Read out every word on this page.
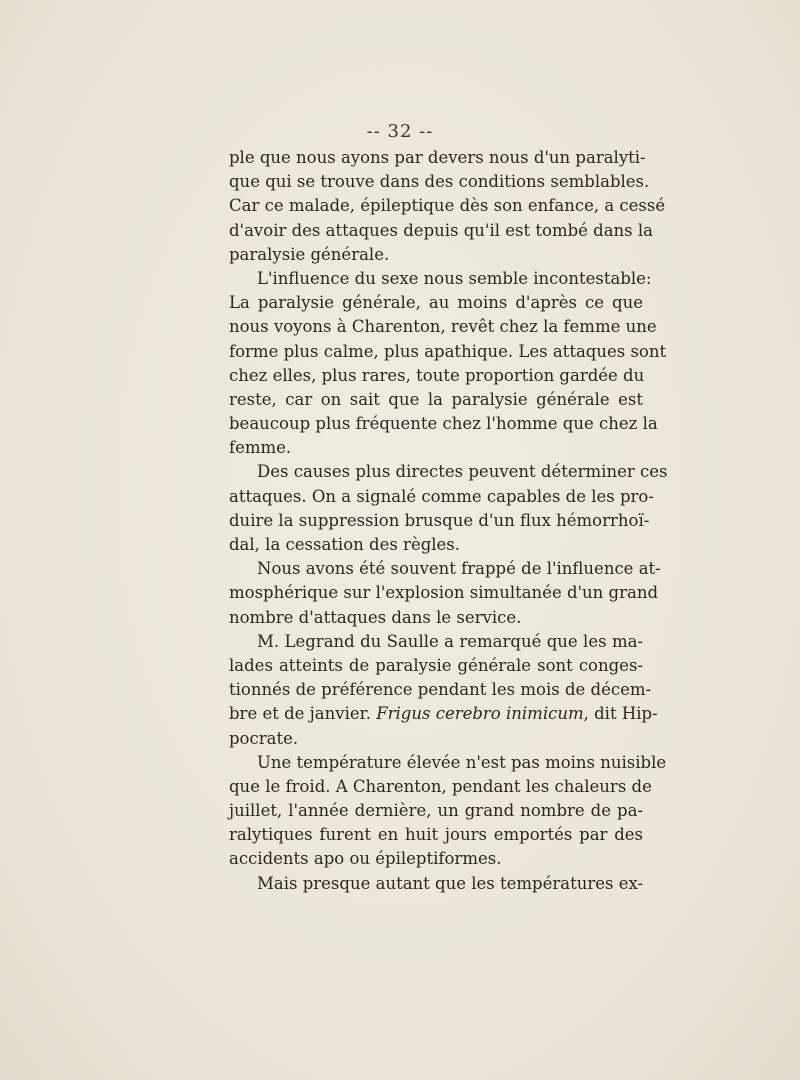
-- 32 --
ple que nous ayons par devers nous d'un paralyti-
que qui se trouve dans des conditions semblables.
Car ce malade, épileptique dès son enfance, a cessé
d'avoir des attaques depuis qu'il est tombé dans la
paralysie générale.
L'influence du sexe nous semble incontestable:
La paralysie générale, au moins d'après ce que
nous voyons à Charenton, revêt chez la femme une
forme plus calme, plus apathique. Les attaques sont
chez elles, plus rares, toute proportion gardée du
reste, car on sait que la paralysie générale est
beaucoup plus fréquente chez l'homme que chez la
femme.
Des causes plus directes peuvent déterminer ces
attaques. On a signalé comme capables de les pro-
duire la suppression brusque d'un flux hémorrhoï-
dal, la cessation des règles.
Nous avons été souvent frappé de l'influence at-
mosphérique sur l'explosion simultanée d'un grand
nombre d'attaques dans le service.
M. Legrand du Saulle a remarqué que les ma-
lades atteints de paralysie générale sont conges-
tionnés de préférence pendant les mois de décem-
bre et de janvier. Frigus cerebro inimicum, dit Hip-
pocrate.
Une température élevée n'est pas moins nuisible
que le froid. A Charenton, pendant les chaleurs de
juillet, l'année dernière, un grand nombre de pa-
ralytiques furent en huit jours emportés par des
accidents apo ou épileptiformes.
Mais presque autant que les températures ex-
